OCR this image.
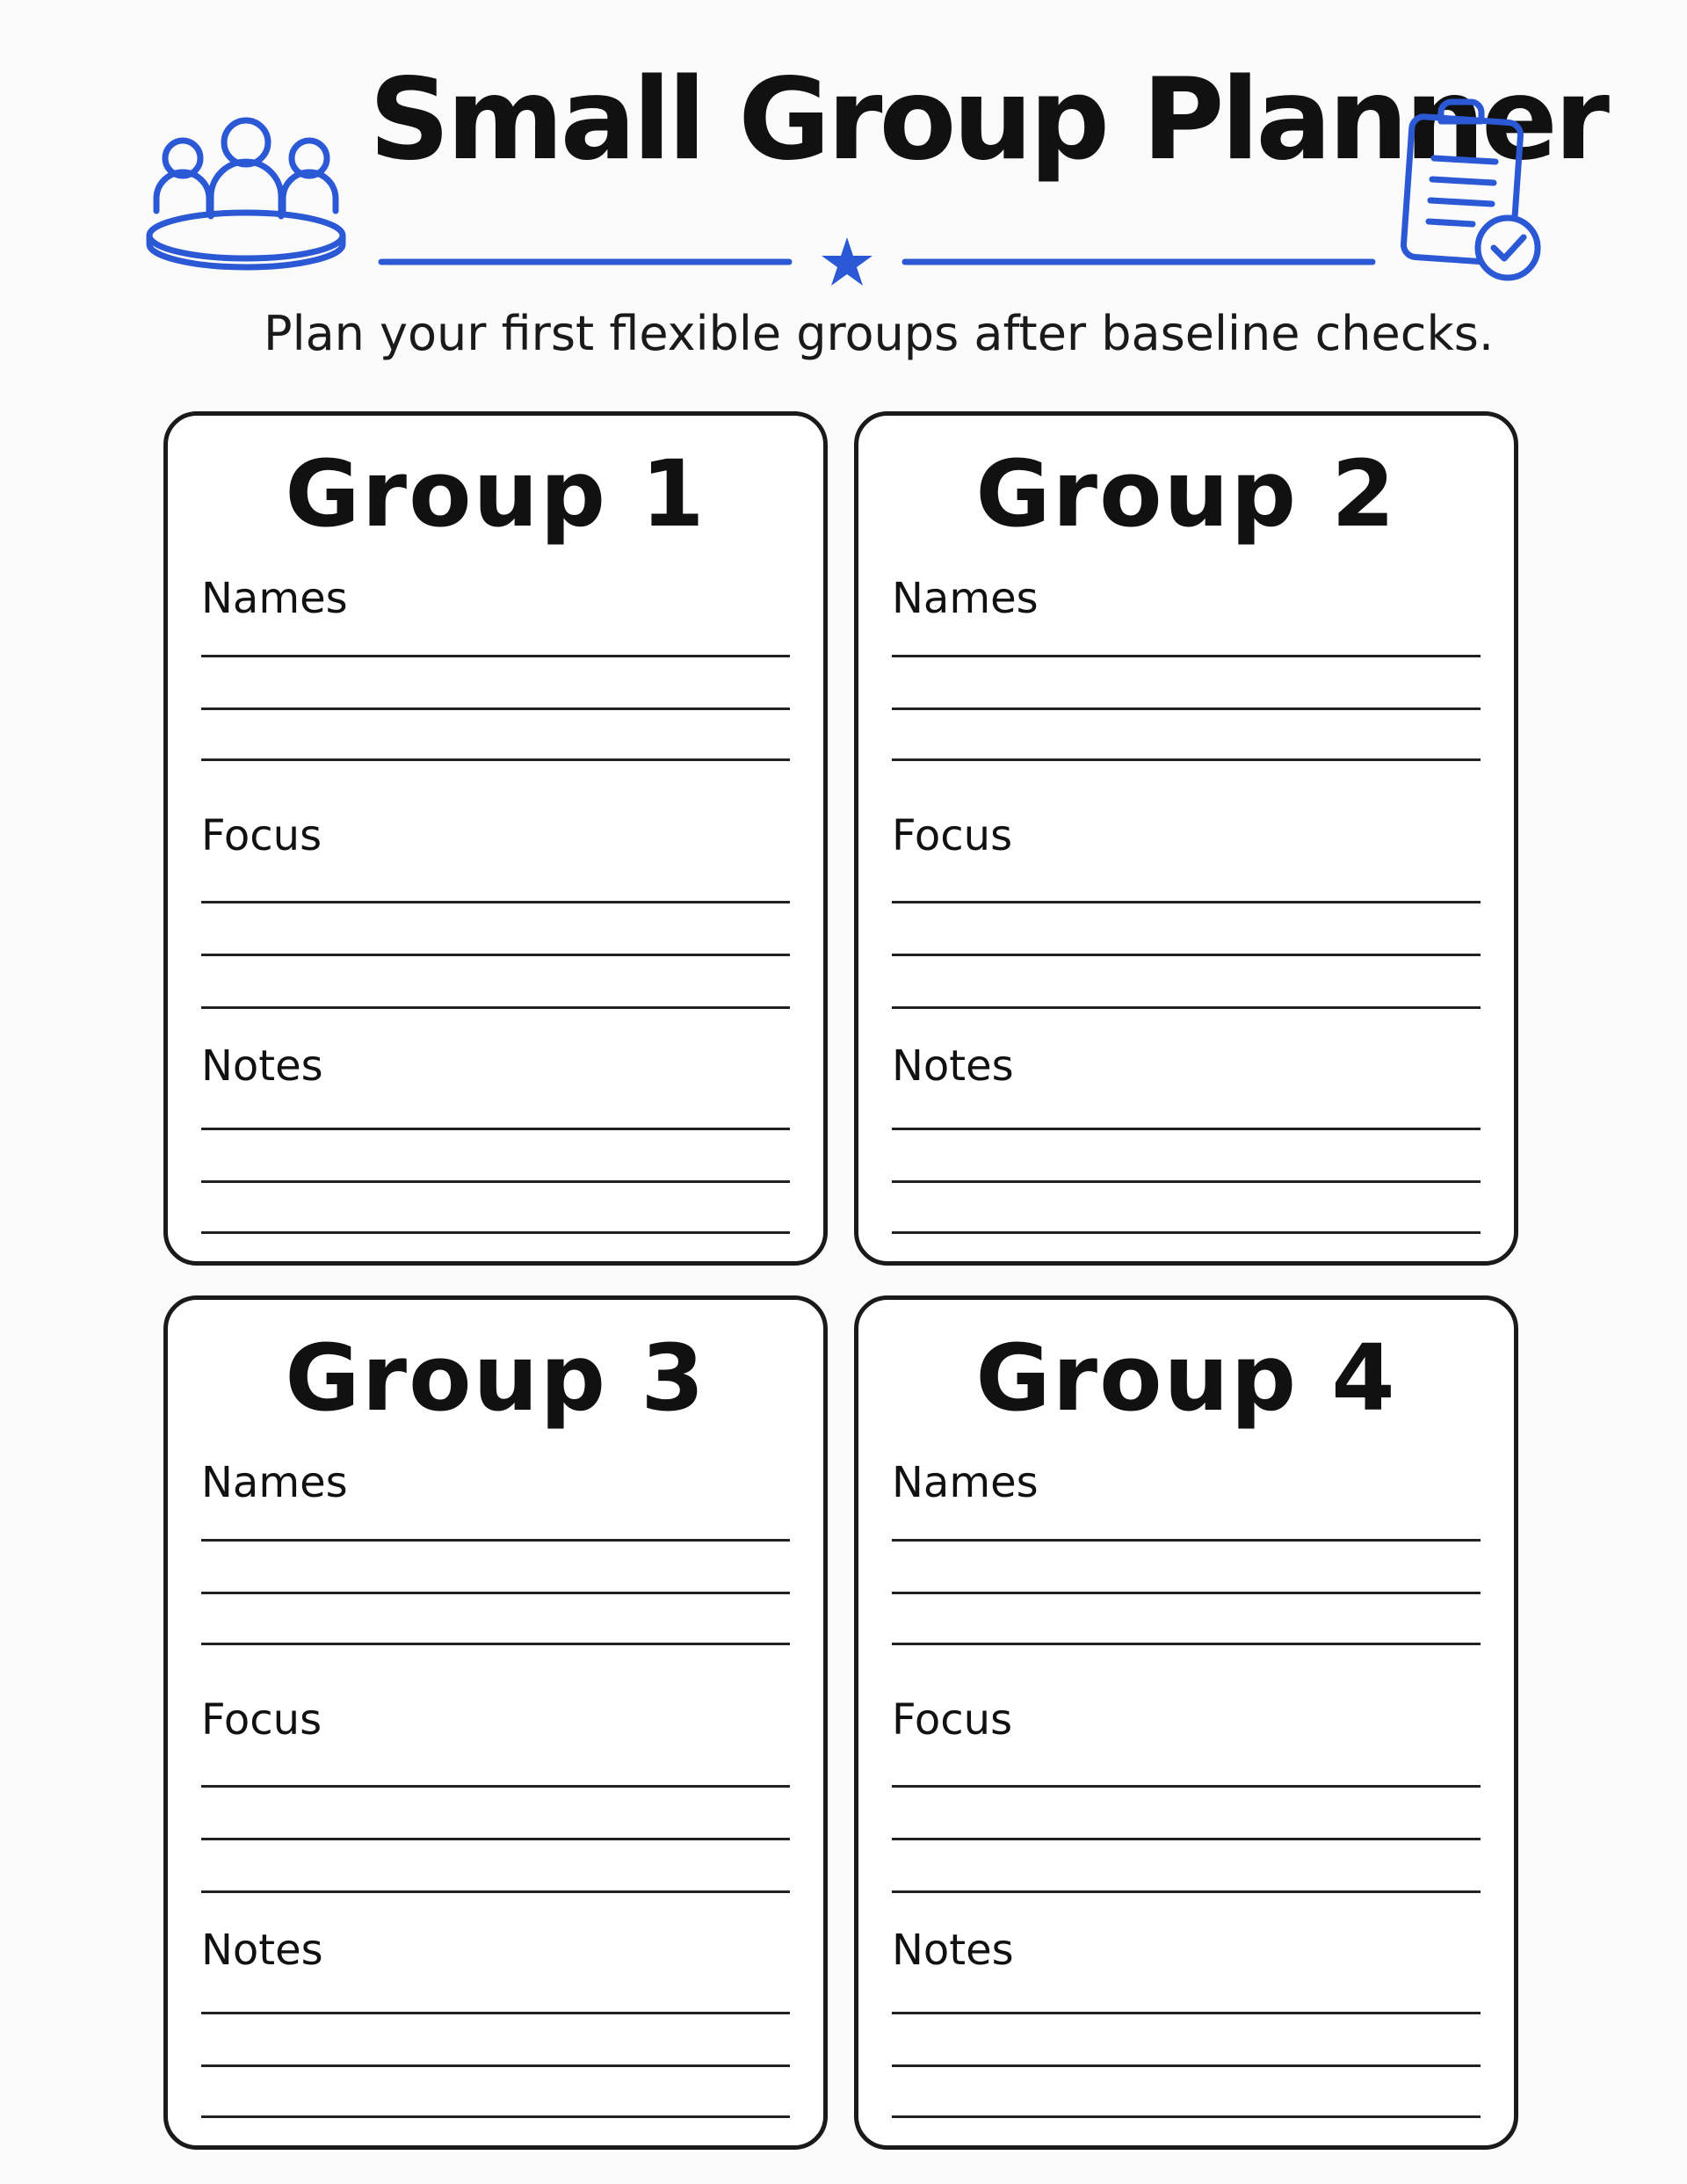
Small Group Planner
Plan your first flexible groups after baseline checks.
Group 1
Names
Focus
Notes
Group 2
Names
Focus
Notes
Group 3
Names
Focus
Notes
Group 4
Names
Focus
Notes
